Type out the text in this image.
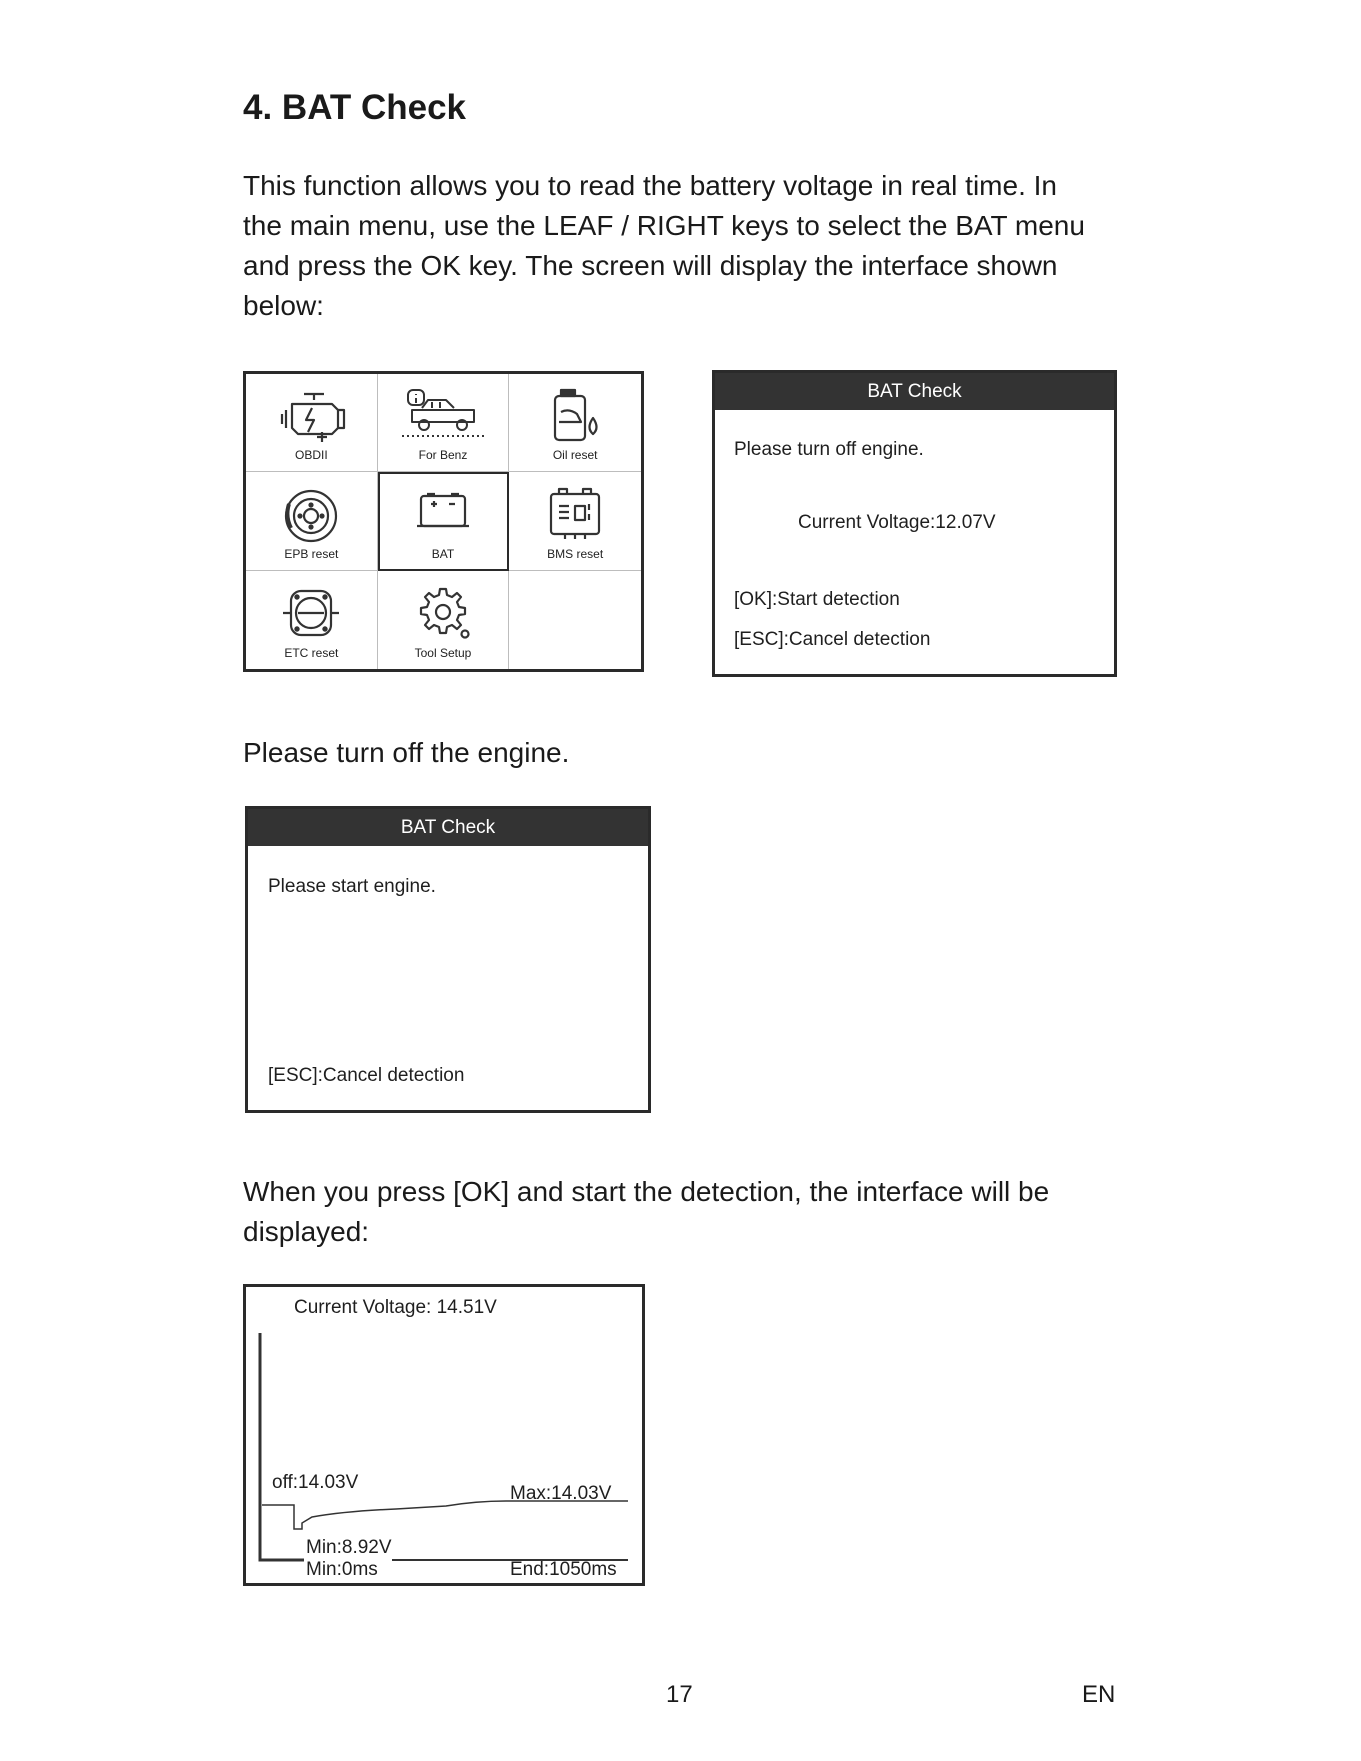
4. BAT Check
This function allows you to read the battery voltage in real time. In
the main menu, use the LEAF / RIGHT keys to select the BAT menu
and press the OK key. The screen will display the interface shown
below:
OBDII	For Benz	Oil reset
EPB reset	BAT	BMS reset
ETC reset	Tool Setup
BAT Check
Please turn off engine.
Current Voltage:12.07V
[OK]:Start detection
[ESC]:Cancel detection
Please turn off the engine.
BAT Check
Please start engine.
[ESC]:Cancel detection
When you press [OK] and start the detection, the interface will be
displayed:
Current Voltage: 14.51V
off:14.03V
Max:14.03V
Min:8.92V
Min:0ms	End:1050ms
17	EN
